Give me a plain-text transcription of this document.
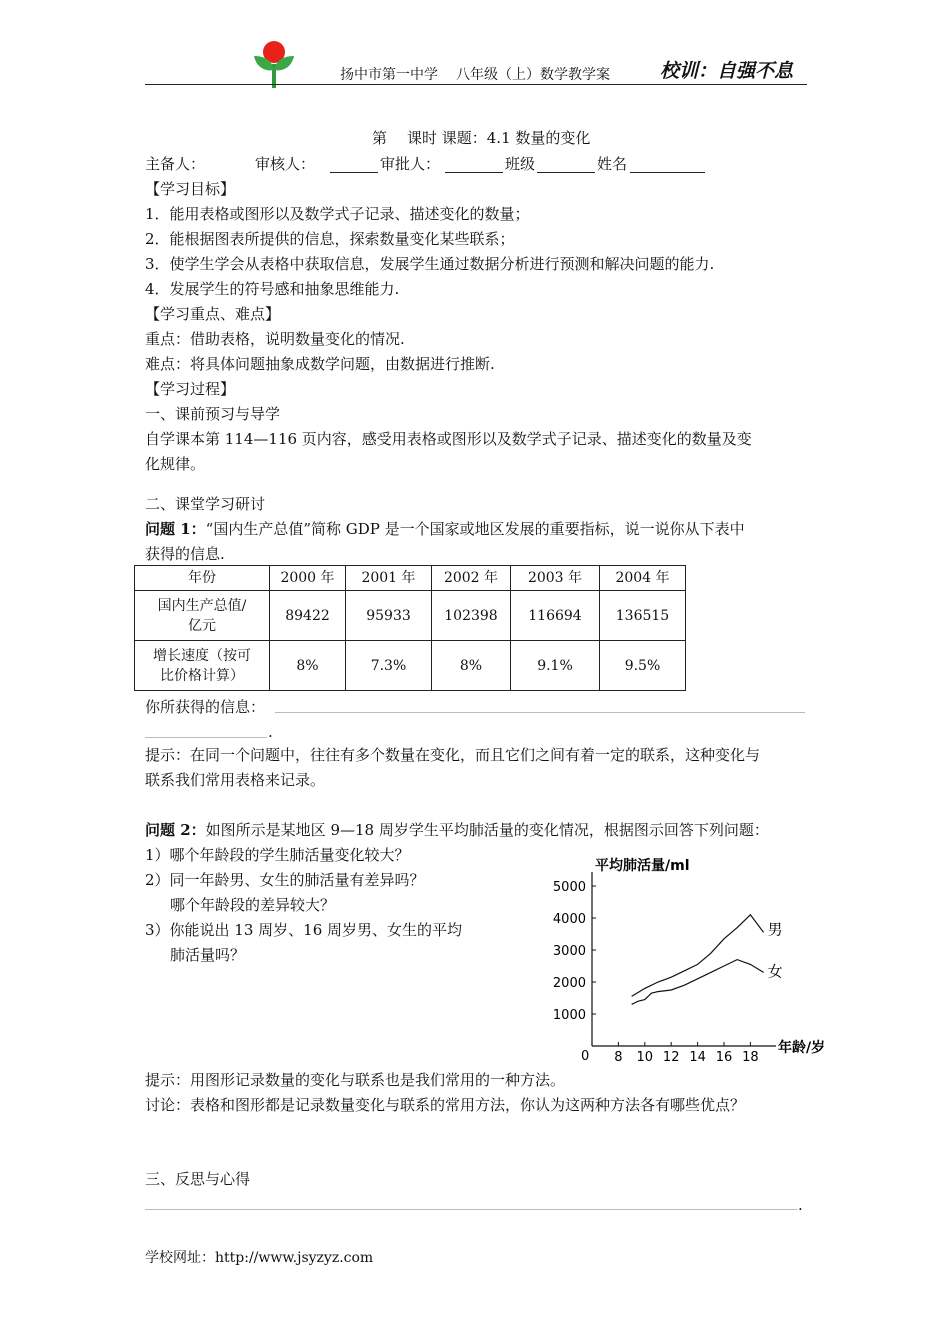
扬中市第一中学 八年级（上）数学教学案	校训：自强不息
第 课时 课题：4.1 数量的变化
主备人：	审核人：	审批人：	班级	姓名
【学习目标】
1．能用表格或图形以及数学式子记录、描述变化的数量；
2．能根据图表所提供的信息，探索数量变化某些联系；
3．使学生学会从表格中获取信息，发展学生通过数据分析进行预测和解决问题的能力.
4．发展学生的符号感和抽象思维能力.
【学习重点、难点】
重点：借助表格，说明数量变化的情况.
难点：将具体问题抽象成数学问题，由数据进行推断.
【学习过程】
一、课前预习与导学
自学课本第 114—116 页内容，感受用表格或图形以及数学式子记录、描述变化的数量及变
化规律。
二、课堂学习研讨
问题 1：“国内生产总值”简称 GDP 是一个国家或地区发展的重要指标，说一说你从下表中
获得的信息.
年份	2000 年	2001 年	2002 年	2003 年	2004 年

国内生产总值/
亿元	89422	95933	102398	116694	136515

增长速度（按可
比价格计算）	8%	7.3%	8%	9.1%	9.5%
你所获得的信息：
.
提示：在同一个问题中，往往有多个数量在变化，而且它们之间有着一定的联系，这种变化与
联系我们常用表格来记录。
问题 2：如图所示是某地区 9—18 周岁学生平均肺活量的变化情况，根据图示回答下列问题：
1）哪个年龄段的学生肺活量变化较大？
2）同一年龄男、女生的肺活量有差异吗？
哪个年龄段的差异较大？
3）你能说出 13 周岁、16 周岁男、女生的平均
肺活量吗？
平均肺活量/ml
年龄/岁
0
1000
2000
3000
4000
5000
8 10 12 14 16 18
男
女
提示：用图形记录数量的变化与联系也是我们常用的一种方法。
讨论：表格和图形都是记录数量变化与联系的常用方法，你认为这两种方法各有哪些优点？
三、反思与心得
.
学校网址：http://www.jsyzyz.com
